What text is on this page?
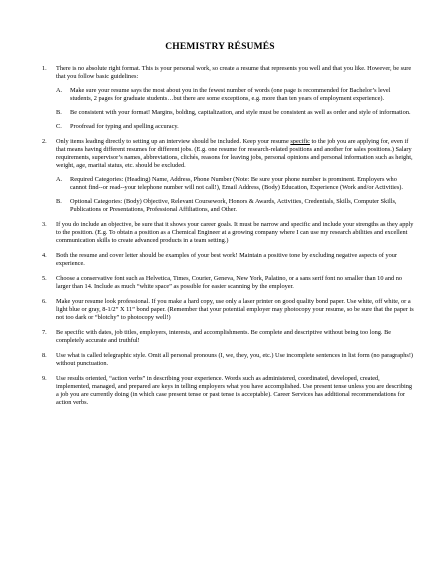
CHEMISTRY RÉSUMÉS
1. There is no absolute right format. This is your personal work, so create a resume that represents you well and that you like. However, be sure that you follow basic guidelines:
A. Make sure your resume says the most about you in the fewest number of words (one page is recommended for Bachelor’s level students, 2 pages for graduate students…but there are some exceptions, e.g. more than ten years of employment experience).
B. Be consistent with your format! Margins, bolding, capitalization, and style must be consistent as well as order and style of information.
C. Proofread for typing and spelling accuracy.
2. Only items leading directly to setting up an interview should be included. Keep your resume specific to the job you are applying for, even if that means having different resumes for different jobs. (E.g. one resume for research-related positions and another for sales positions.) Salary requirements, supervisor’s names, abbreviations, clichés, reasons for leaving jobs, personal opinions and personal information such as height, weight, age, marital status, etc. should be excluded.
A. Required Categories: (Heading) Name, Address, Phone Number (Note: Be sure your phone number is prominent. Employers who cannot find--or read--your telephone number will not call!), Email Address, (Body) Education, Experience (Work and/or Activities).
B. Optional Categories: (Body) Objective, Relevant Coursework, Honors & Awards, Activities, Credentials, Skills, Computer Skills, Publications or Presentations, Professional Affiliations, and Other.
3. If you do include an objective, be sure that it shows your career goals. It must be narrow and specific and include your strengths as they apply to the position. (E.g. To obtain a position as a Chemical Engineer at a growing company where I can use my research abilities and excellent communication skills to create advanced products in a team setting.)
4. Both the resume and cover letter should be examples of your best work! Maintain a positive tone by excluding negative aspects of your experience.
5. Choose a conservative font such as Helvetica, Times, Courier, Geneva, New York, Palatino, or a sans serif font no smaller than 10 and no larger than 14. Include as much “white space” as possible for easier scanning by the employer.
6. Make your resume look professional. If you make a hard copy, use only a laser printer on good quality bond paper. Use white, off white, or a light blue or gray, 8-1/2” X 11” bond paper. (Remember that your potential employer may photocopy your resume, so be sure that the paper is not too dark or “blotchy” to photocopy well!)
7. Be specific with dates, job titles, employers, interests, and accomplishments. Be complete and descriptive without being too long. Be completely accurate and truthful!
8. Use what is called telegraphic style. Omit all personal pronouns (I, we, they, you, etc.) Use incomplete sentences in list form (no paragraphs!) without punctuation.
9. Use results oriented, “action verbs” in describing your experience. Words such as administered, coordinated, developed, created, implemented, managed, and prepared are keys in telling employers what you have accomplished. Use present tense unless you are describing a job you are currently doing (in which case present tense or past tense is acceptable). Career Services has additional recommendations for action verbs.
